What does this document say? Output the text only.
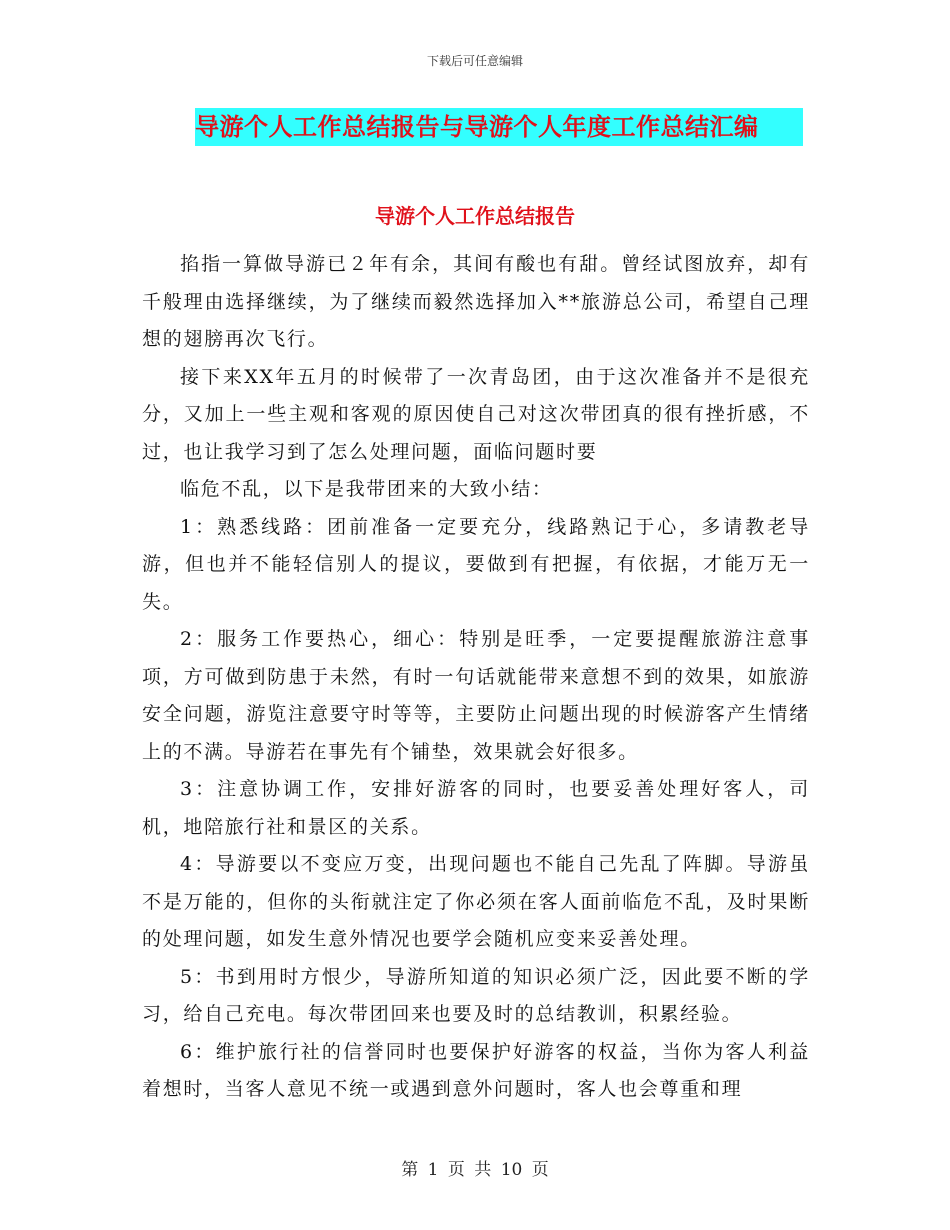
下载后可任意编辑
导游个人工作总结报告与导游个人年度工作总结汇编
导游个人工作总结报告

掐指一算做导游已２年有余，其间有酸也有甜。曾经试图放弃，却有千般理由选择继续，为了继续而毅然选择加入**旅游总公司，希望自己理想的翅膀再次飞行。

接下来XX年五月的时候带了一次青岛团，由于这次准备并不是很充分，又加上一些主观和客观的原因使自己对这次带团真的很有挫折感，不过，也让我学习到了怎么处理问题，面临问题时要

临危不乱，以下是我带团来的大致小结：

1：熟悉线路：团前准备一定要充分，线路熟记于心，多请教老导游，但也并不能轻信别人的提议，要做到有把握，有依据，才能万无一失。

2：服务工作要热心，细心：特别是旺季，一定要提醒旅游注意事项，方可做到防患于未然，有时一句话就能带来意想不到的效果，如旅游安全问题，游览注意要守时等等，主要防止问题出现的时候游客产生情绪上的不满。导游若在事先有个铺垫，效果就会好很多。

3：注意协调工作，安排好游客的同时，也要妥善处理好客人，司机，地陪旅行社和景区的关系。

4：导游要以不变应万变，出现问题也不能自己先乱了阵脚。导游虽不是万能的，但你的头衔就注定了你必须在客人面前临危不乱，及时果断的处理问题，如发生意外情况也要学会随机应变来妥善处理。

5：书到用时方恨少，导游所知道的知识必须广泛，因此要不断的学习，给自己充电。每次带团回来也要及时的总结教训，积累经验。

6：维护旅行社的信誉同时也要保护好游客的权益，当你为客人利益着想时，当客人意见不统一或遇到意外问题时，客人也会尊重和理

第 1 页 共 10 页
